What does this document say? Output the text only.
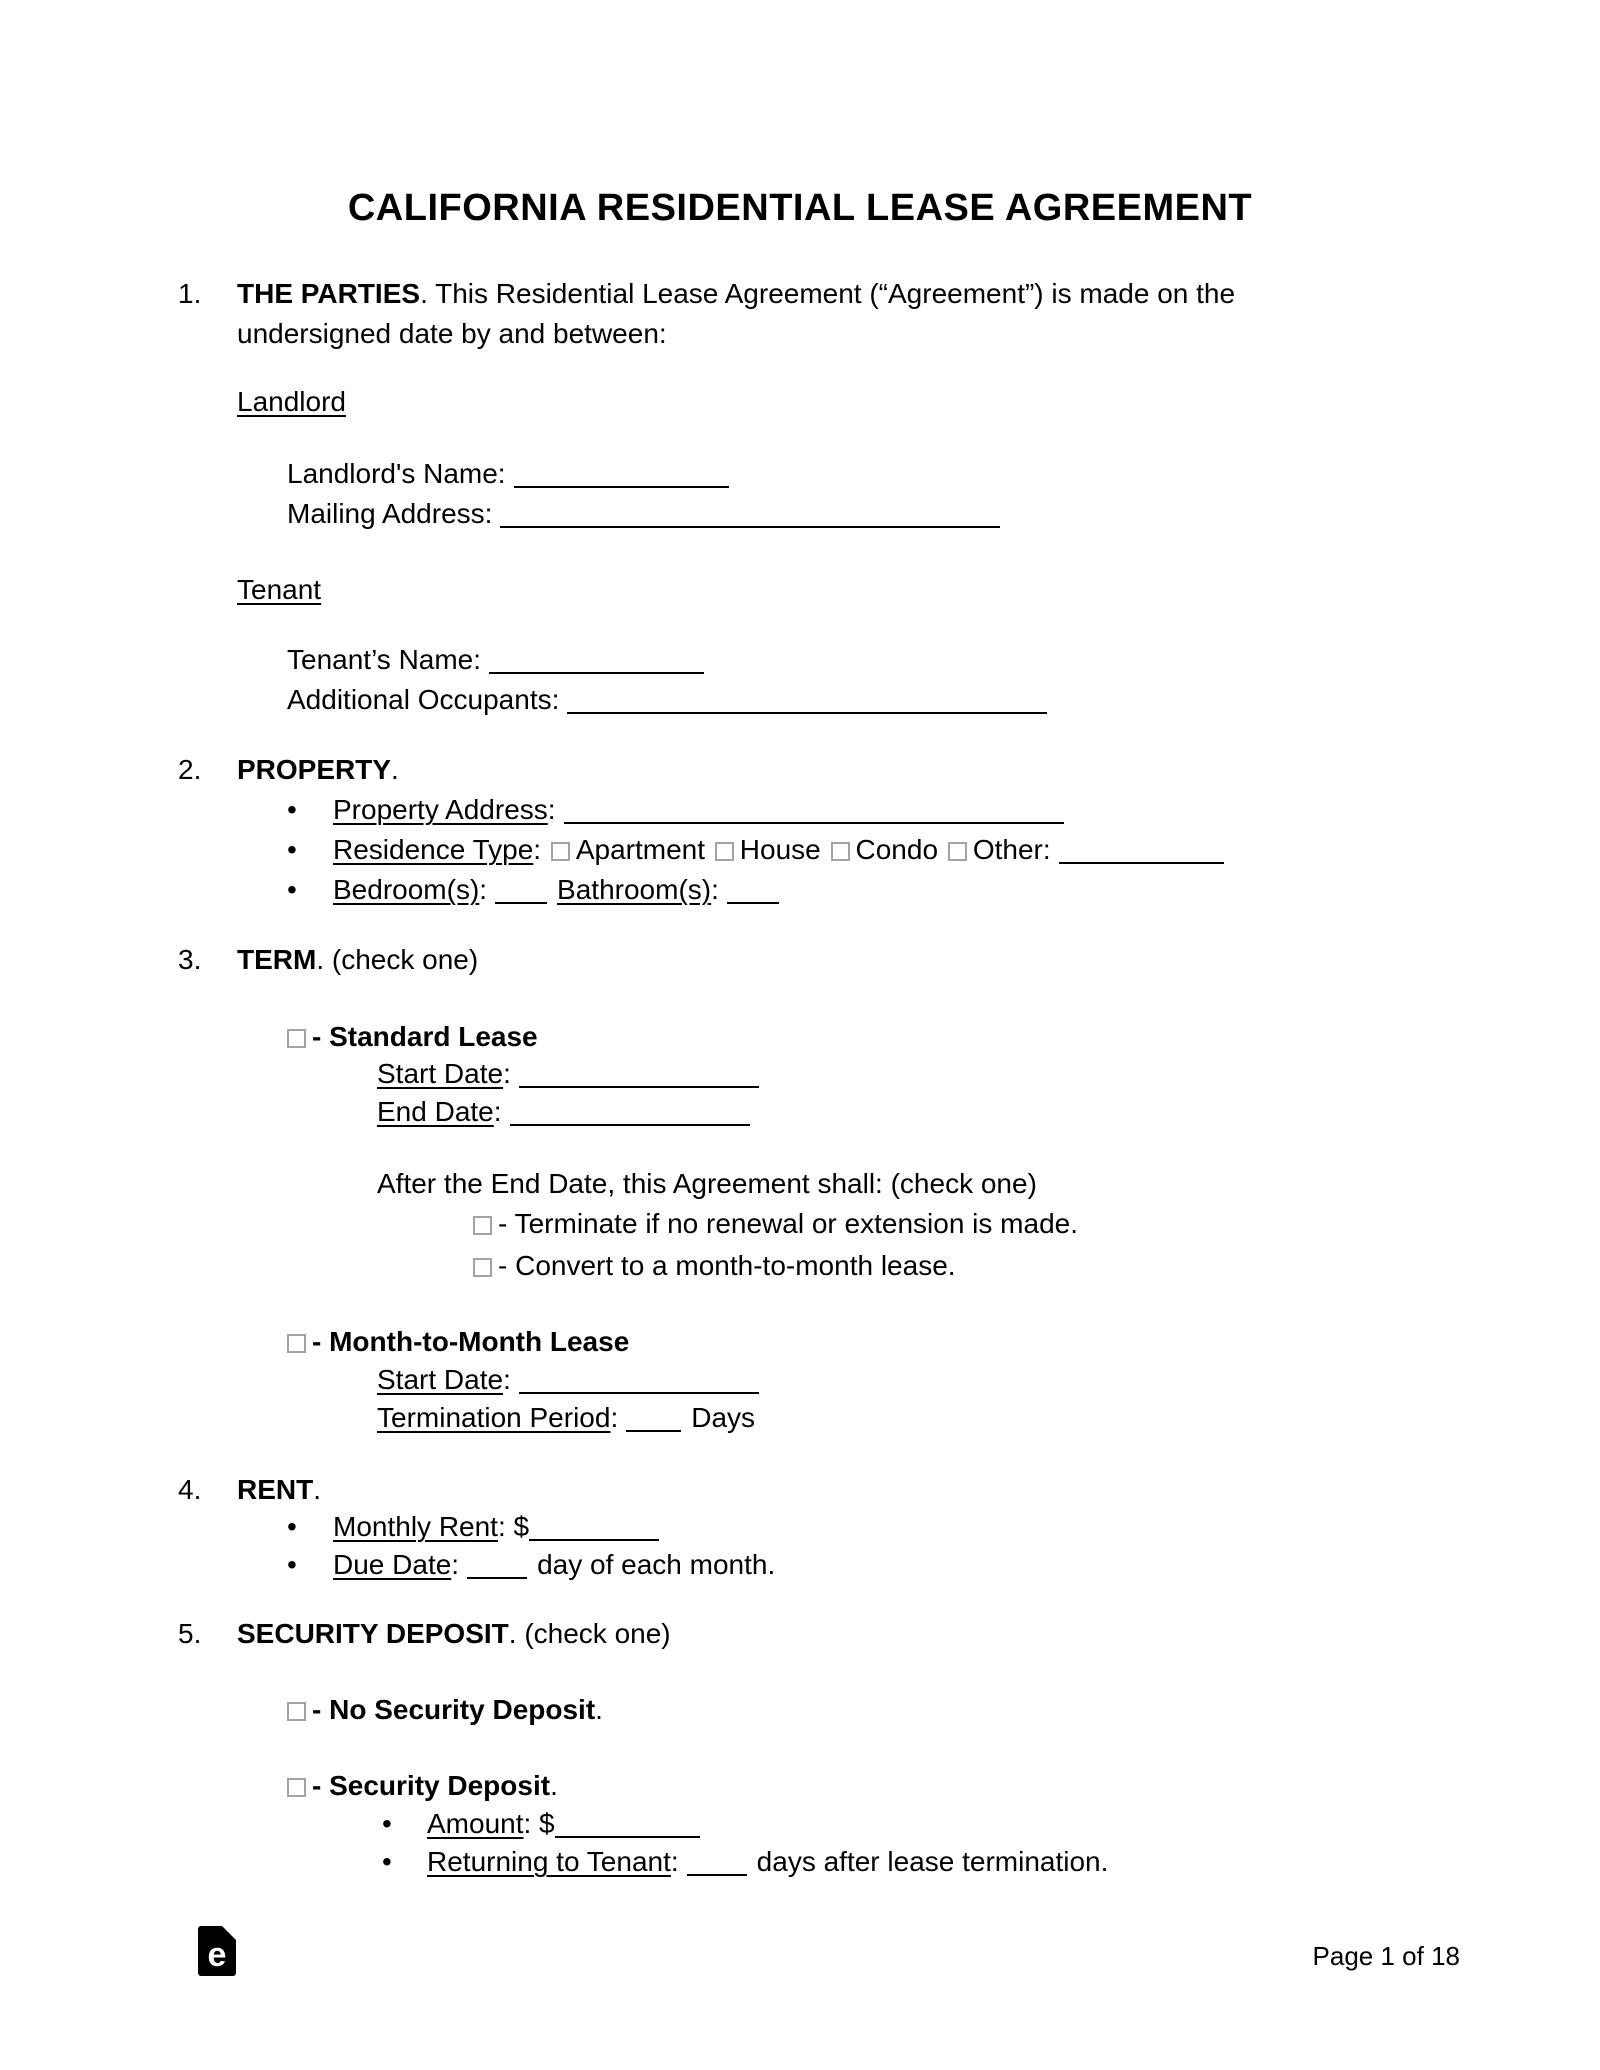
CALIFORNIA RESIDENTIAL LEASE AGREEMENT
1. THE PARTIES. This Residential Lease Agreement (“Agreement”) is made on the undersigned date by and between:
Landlord
Landlord's Name:
Mailing Address:
Tenant
Tenant’s Name:
Additional Occupants:
2. PROPERTY.
• Property Address:
• Residence Type: Apartment House Condo Other:
• Bedroom(s):	Bathroom(s):
3. TERM. (check one)
- Standard Lease
Start Date:
End Date:
After the End Date, this Agreement shall: (check one)
- Terminate if no renewal or extension is made.
- Convert to a month-to-month lease.
- Month-to-Month Lease
Start Date:
Termination Period:	Days
4. RENT.
• Monthly Rent: $
• Due Date:	day of each month.
5. SECURITY DEPOSIT. (check one)
- No Security Deposit.
- Security Deposit.
• Amount: $
• Returning to Tenant:	days after lease termination.
e	Page 1 of 18
